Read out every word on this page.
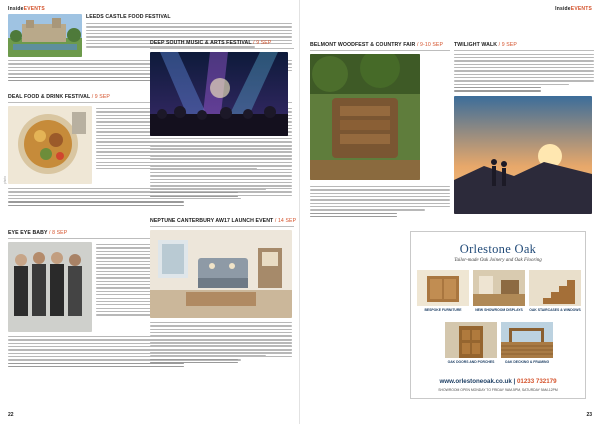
InsideEVENTS
LEEDS CASTLE FOOD FESTIVAL
DEAL FOOD & DRINK FESTIVAL / 9 SEP
photo
EYE EYE BABY / 8 SEP
22
InsideEVENTS
23
DEEP SOUTH MUSIC & ARTS FESTIVAL / 9 SEP
NEPTUNE CANTERBURY AW17 LAUNCH EVENT / 14 SEP
BELMONT WOODFEST & COUNTRY FAIR / 9-10 SEP	TWILIGHT WALK / 9 SEP
Orlestone Oak
Tailor-made Oak Joinery and Oak Flooring
BESPOKE FURNITURE	NEW SHOWROOM DISPLAYS	OAK STAIRCASES & WINDOWS
OAK DOORS AND PORCHES	OAK DECKING & FRAMING
www.orlestoneoak.co.uk | 01233 732179
SHOWROOM OPEN MONDAY TO FRIDAY 9AM-5PM, SATURDAY 9AM-12PM
